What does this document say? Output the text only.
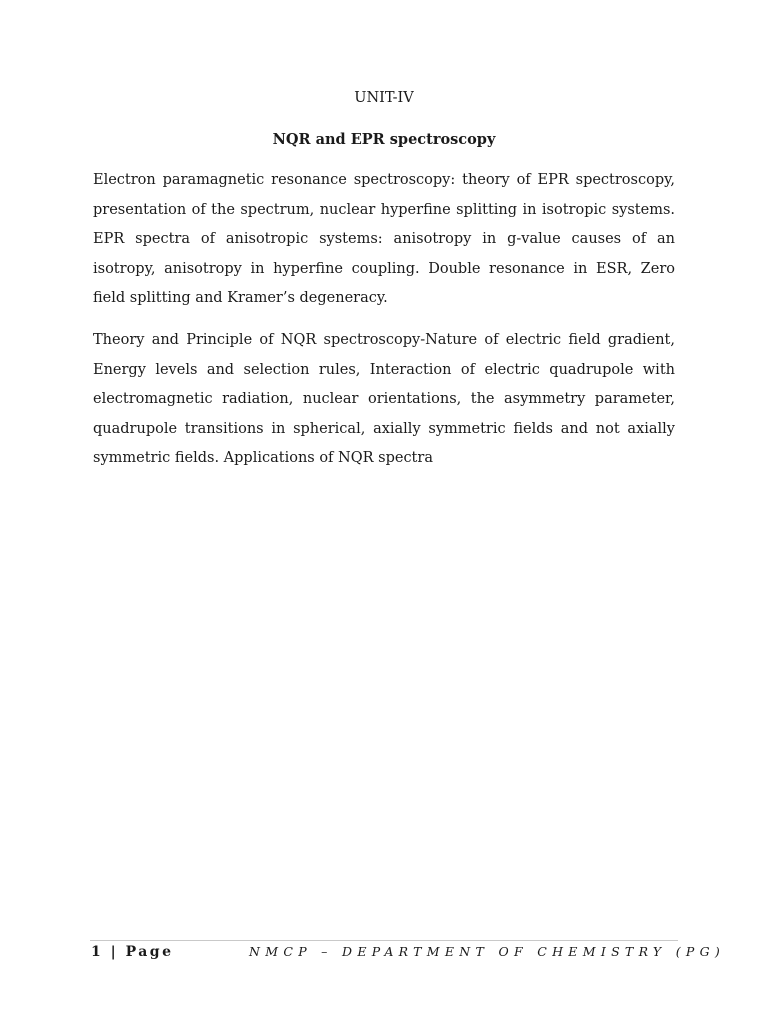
UNIT-IV
NQR and EPR spectroscopy

Electron paramagnetic resonance spectroscopy: theory of EPR spectroscopy, presentation of the spectrum, nuclear hyperfine splitting in isotropic systems. EPR spectra of anisotropic systems: anisotropy in g-value causes of an isotropy, anisotropy in hyperfine coupling. Double resonance in ESR, Zero field splitting and Kramer’s degeneracy.

Theory and Principle of NQR spectroscopy-Nature of electric field gradient, Energy levels and selection rules, Interaction of electric quadrupole with electromagnetic radiation, nuclear orientations, the asymmetry parameter, quadrupole transitions in spherical, axially symmetric fields and not axially symmetric fields. Applications of NQR spectra

1 | Page	NMCP – DEPARTMENT OF CHEMISTRY (PG)
